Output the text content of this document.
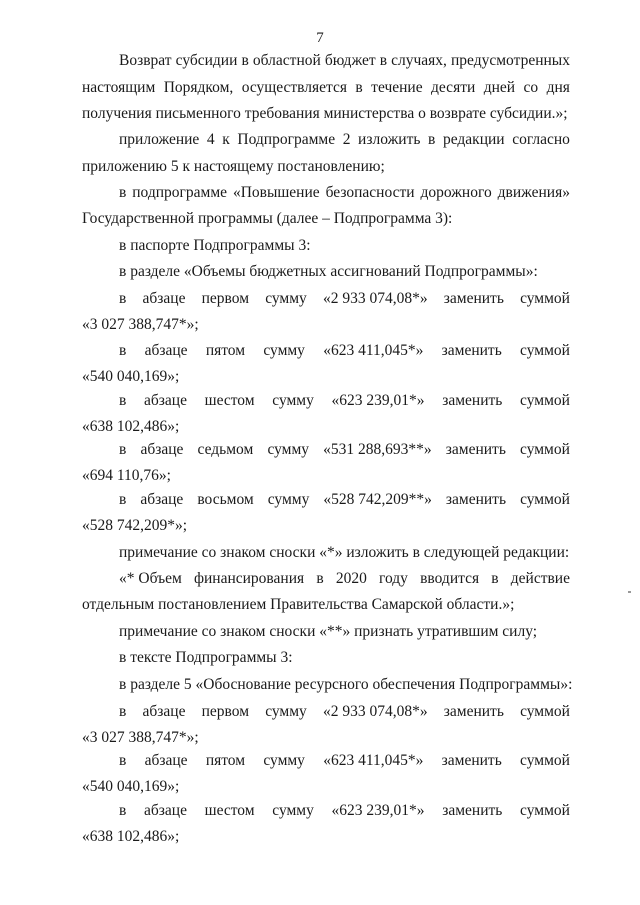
7
Возврат субсидии в областной бюджет в случаях, предусмотренных
настоящим Порядком, осуществляется в течение десяти дней со дня
получения письменного требования министерства о возврате субсидии.»;
приложение 4 к Подпрограмме 2 изложить в редакции согласно
приложению 5 к настоящему постановлению;
в подпрограмме «Повышение безопасности дорожного движения»
Государственной программы (далее – Подпрограмма 3):
в паспорте Подпрограммы 3:
в разделе «Объемы бюджетных ассигнований Подпрограммы»:
в абзаце первом сумму «2 933 074,08*» заменить суммой
«3 027 388,747*»;
в абзаце пятом сумму «623 411,045*» заменить суммой
«540 040,169»;
в абзаце шестом сумму «623 239,01*» заменить суммой
«638 102,486»;
в абзаце седьмом сумму «531 288,693**» заменить суммой
«694 110,76»;
в абзаце восьмом сумму «528 742,209**» заменить суммой
«528 742,209*»;
примечание со знаком сноски «*» изложить в следующей редакции:
«* Объем финансирования в 2020 году вводится в действие
отдельным постановлением Правительства Самарской области.»;
примечание со знаком сноски «**» признать утратившим силу;
в тексте Подпрограммы 3:
в разделе 5 «Обоснование ресурсного обеспечения Подпрограммы»:
в абзаце первом сумму «2 933 074,08*» заменить суммой
«3 027 388,747*»;
в абзаце пятом сумму «623 411,045*» заменить суммой
«540 040,169»;
в абзаце шестом сумму «623 239,01*» заменить суммой
«638 102,486»;
